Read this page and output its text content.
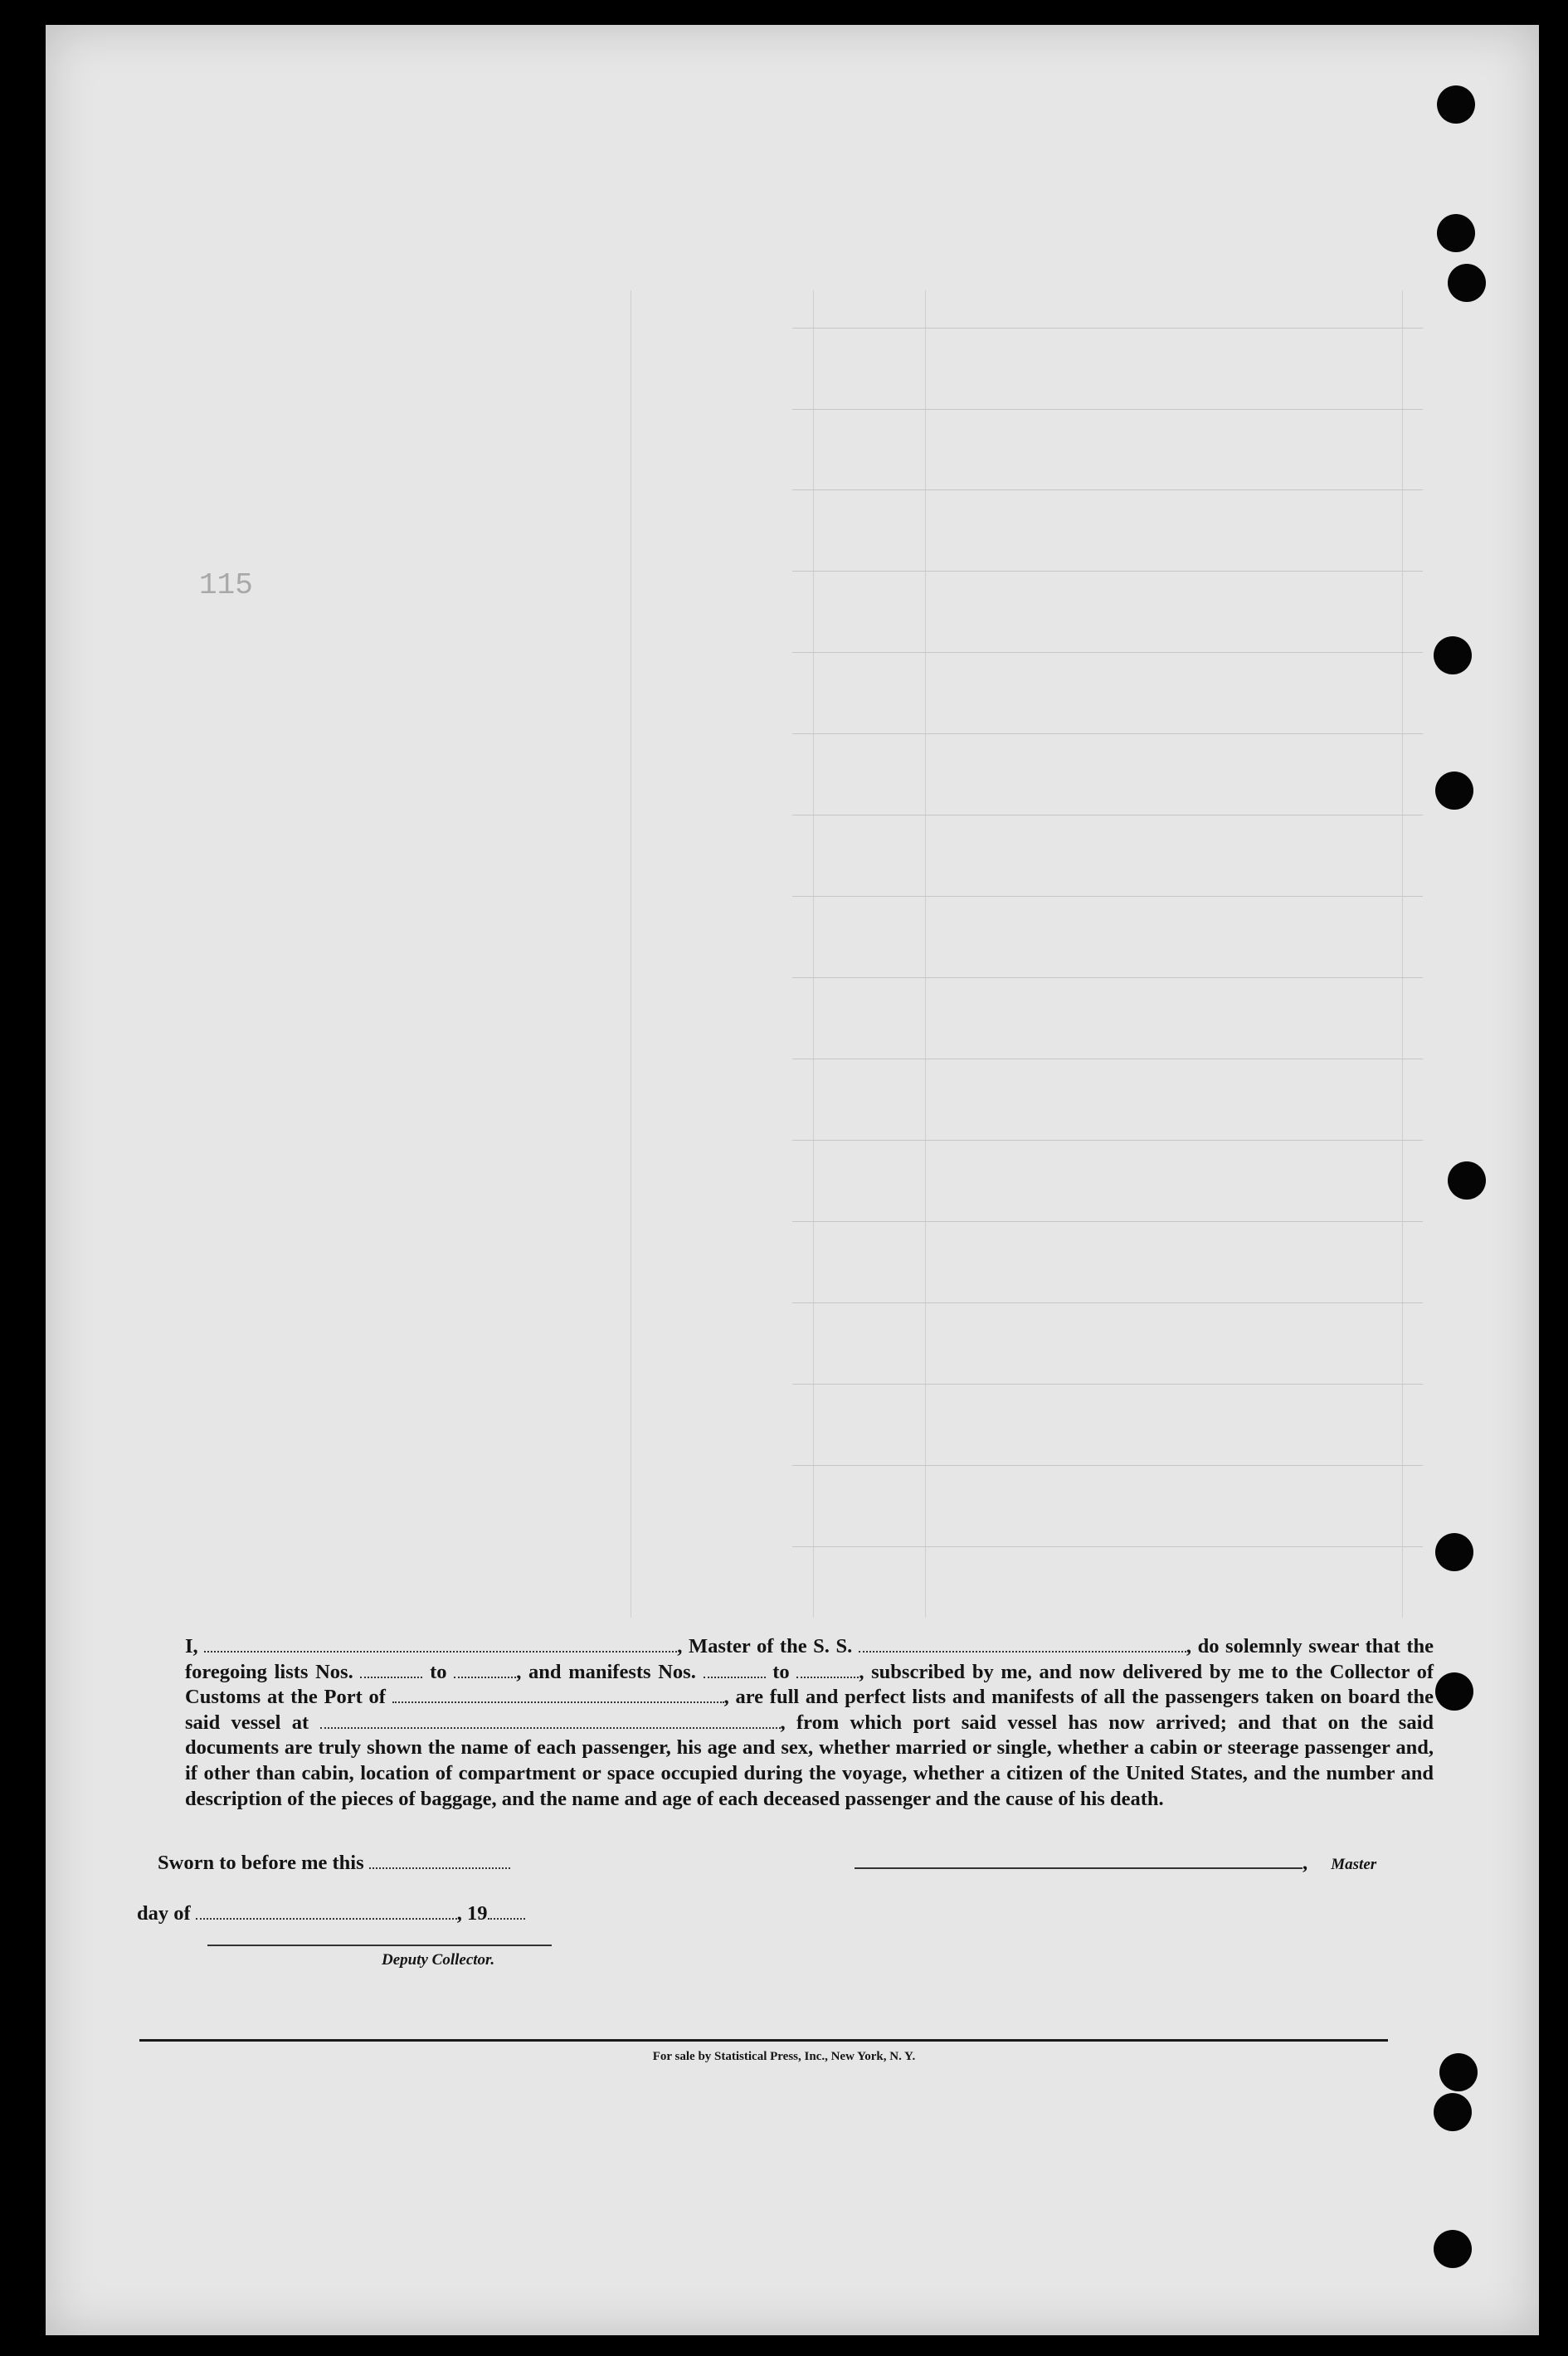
115
I,	, Master of the S. S.	, do solemnly swear that the foregoing lists Nos.	to	, and manifests Nos.	to	, subscribed by me, and now delivered by me to the Collector of Customs at the Port of	, are full and perfect lists and manifests of all the passengers taken on board the said vessel at	, from which port said vessel has now arrived; and that on the said documents are truly shown the name of each passenger, his age and sex, whether married or single, whether a cabin or steerage passenger and, if other than cabin, location of compartment or space occupied during the voyage, whether a citizen of the United States, and the number and description of the pieces of baggage, and the name and age of each deceased passenger and the cause of his death.
Sworn to before me this	, Master
day of	, 19
Deputy Collector.
For sale by Statistical Press, Inc., New York, N. Y.
